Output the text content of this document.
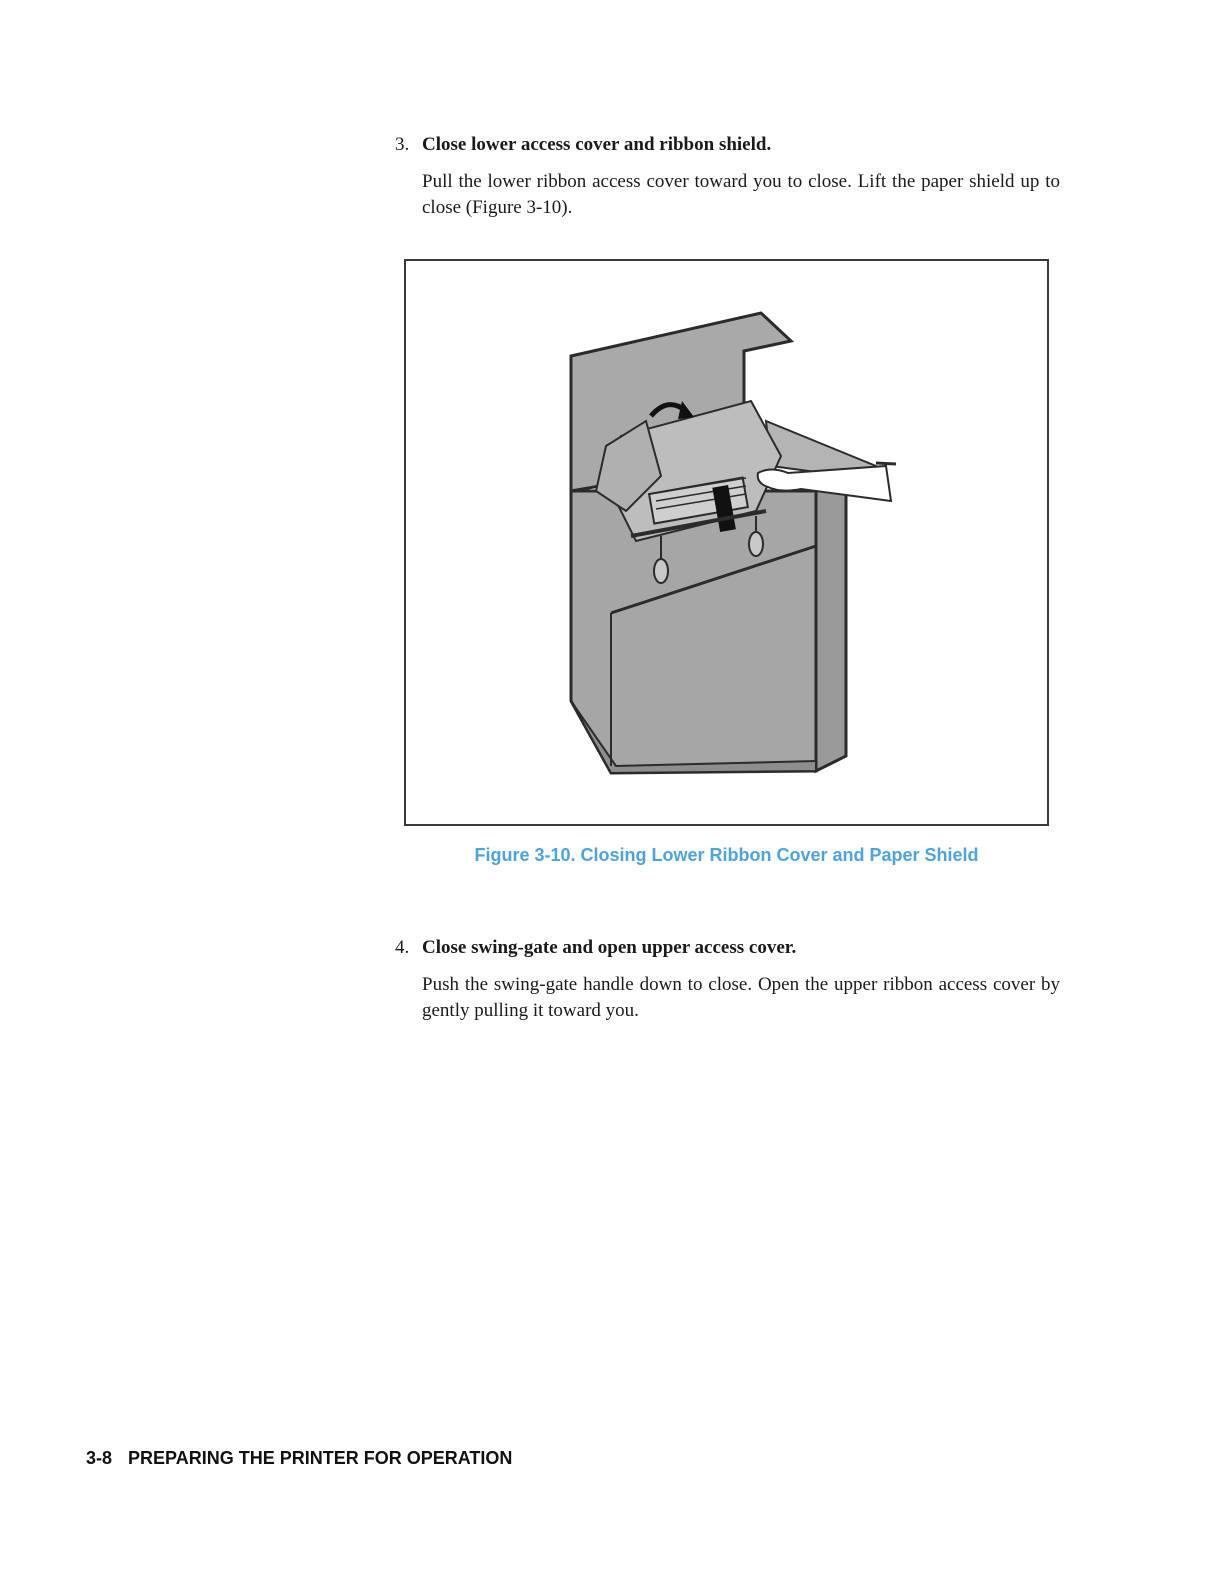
3. Close lower access cover and ribbon shield.
Pull the lower ribbon access cover toward you to close. Lift the paper shield up to close (Figure 3-10).
Figure 3-10. Closing Lower Ribbon Cover and Paper Shield
4. Close swing-gate and open upper access cover.
Push the swing-gate handle down to close. Open the upper ribbon access cover by gently pulling it toward you.
3-8 PREPARING THE PRINTER FOR OPERATION
